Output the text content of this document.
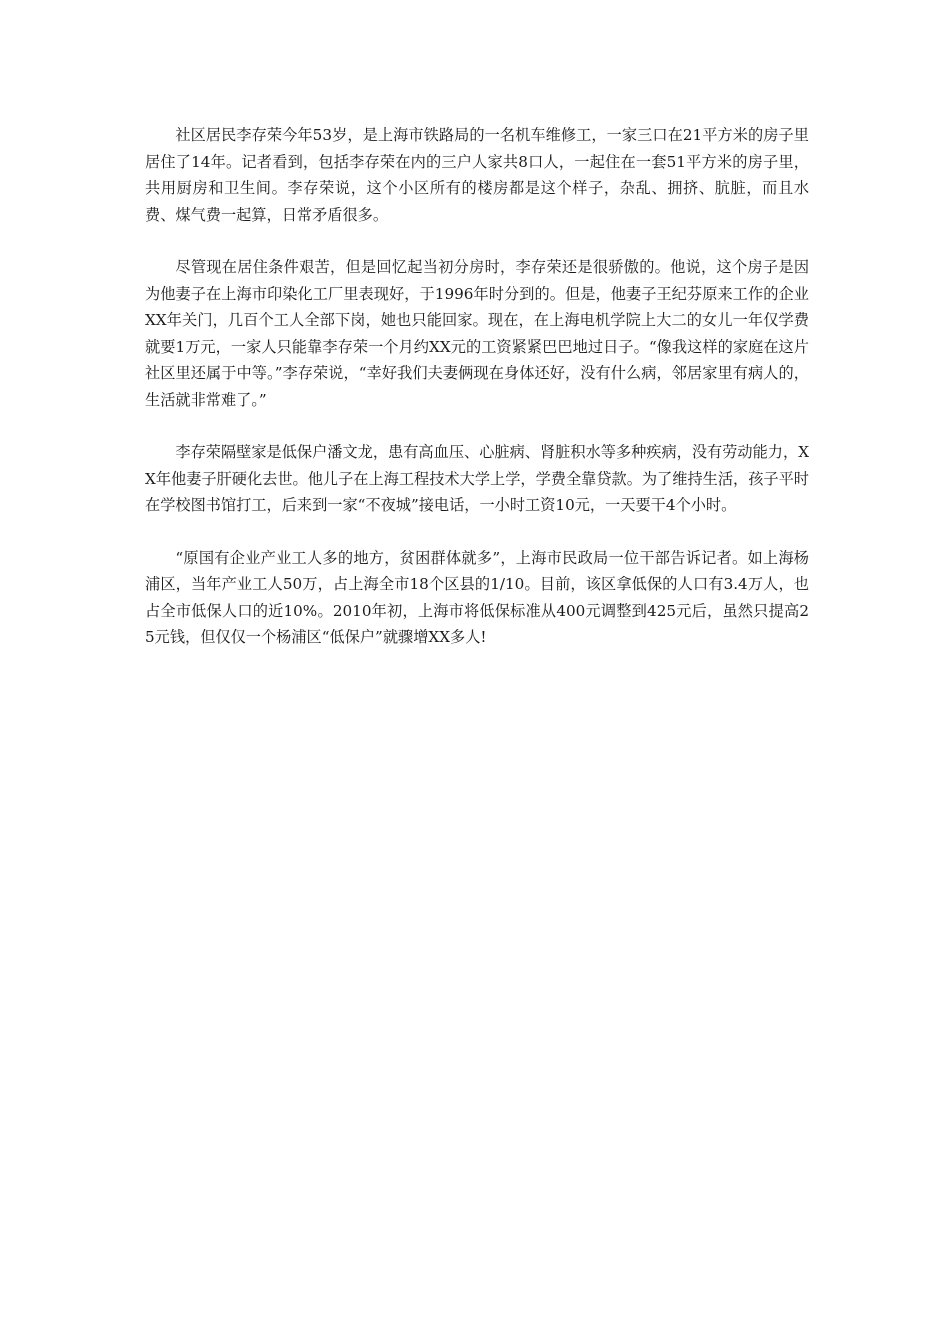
社区居民李存荣今年53岁，是上海市铁路局的一名机车维修工，一家三口在21平方米的房子里居住了14年。记者看到，包括李存荣在内的三户人家共8口人，一起住在一套51平方米的房子里，共用厨房和卫生间。李存荣说，这个小区所有的楼房都是这个样子，杂乱、拥挤、肮脏，而且水费、煤气费一起算，日常矛盾很多。

尽管现在居住条件艰苦，但是回忆起当初分房时，李存荣还是很骄傲的。他说，这个房子是因为他妻子在上海市印染化工厂里表现好，于1996年时分到的。但是，他妻子王纪芬原来工作的企业XX年关门，几百个工人全部下岗，她也只能回家。现在，在上海电机学院上大二的女儿一年仅学费就要1万元，一家人只能靠李存荣一个月约XX元的工资紧紧巴巴地过日子。“像我这样的家庭在这片社区里还属于中等。”李存荣说，“幸好我们夫妻俩现在身体还好，没有什么病，邻居家里有病人的，生活就非常难了。”

李存荣隔壁家是低保户潘文龙，患有高血压、心脏病、肾脏积水等多种疾病，没有劳动能力，XX年他妻子肝硬化去世。他儿子在上海工程技术大学上学，学费全靠贷款。为了维持生活，孩子平时在学校图书馆打工，后来到一家“不夜城”接电话，一小时工资10元，一天要干4个小时。

“原国有企业产业工人多的地方，贫困群体就多”，上海市民政局一位干部告诉记者。如上海杨浦区，当年产业工人50万，占上海全市18个区县的1/10。目前，该区拿低保的人口有3.4万人，也占全市低保人口的近10%。2010年初，上海市将低保标准从400元调整到425元后，虽然只提高25元钱，但仅仅一个杨浦区“低保户”就骤增XX多人!
